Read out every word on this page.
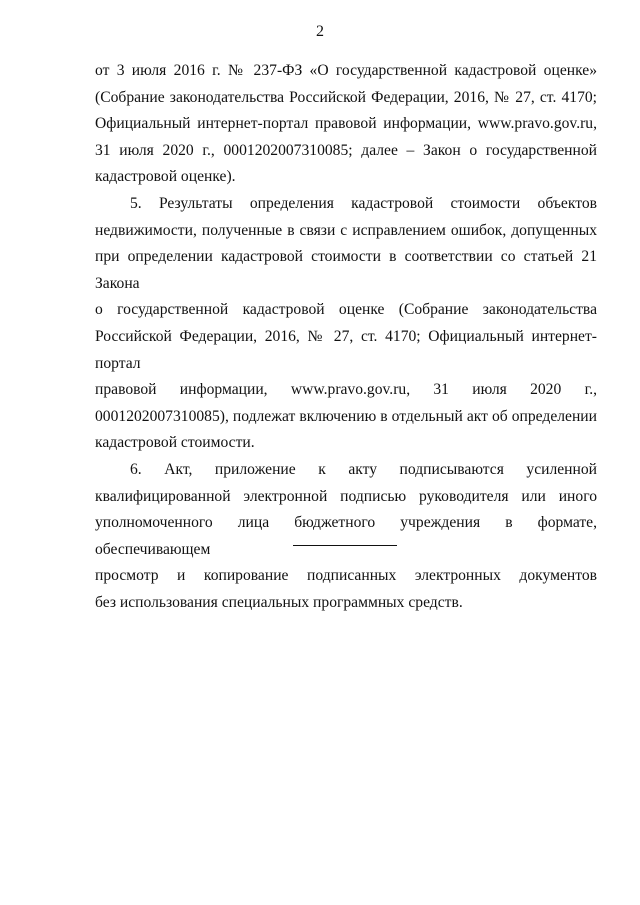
2

от 3 июля 2016 г. № 237-ФЗ «О государственной кадастровой оценке»
(Собрание законодательства Российской Федерации, 2016, № 27, ст. 4170;
Официальный интернет-портал правовой информации, www.pravo.gov.ru,
31 июля 2020 г., 0001202007310085; далее – Закон о государственной
кадастровой оценке).

5. Результаты определения кадастровой стоимости объектов
недвижимости, полученные в связи с исправлением ошибок, допущенных
при определении кадастровой стоимости в соответствии со статьей 21 Закона
о государственной кадастровой оценке (Собрание законодательства
Российской Федерации, 2016, № 27, ст. 4170; Официальный интернет-портал
правовой информации, www.pravo.gov.ru, 31 июля 2020 г.,
0001202007310085), подлежат включению в отдельный акт об определении
кадастровой стоимости.

6. Акт, приложение к акту подписываются усиленной
квалифицированной электронной подписью руководителя или иного
уполномоченного лица бюджетного учреждения в формате, обеспечивающем
просмотр и копирование подписанных электронных документов
без использования специальных программных средств.
